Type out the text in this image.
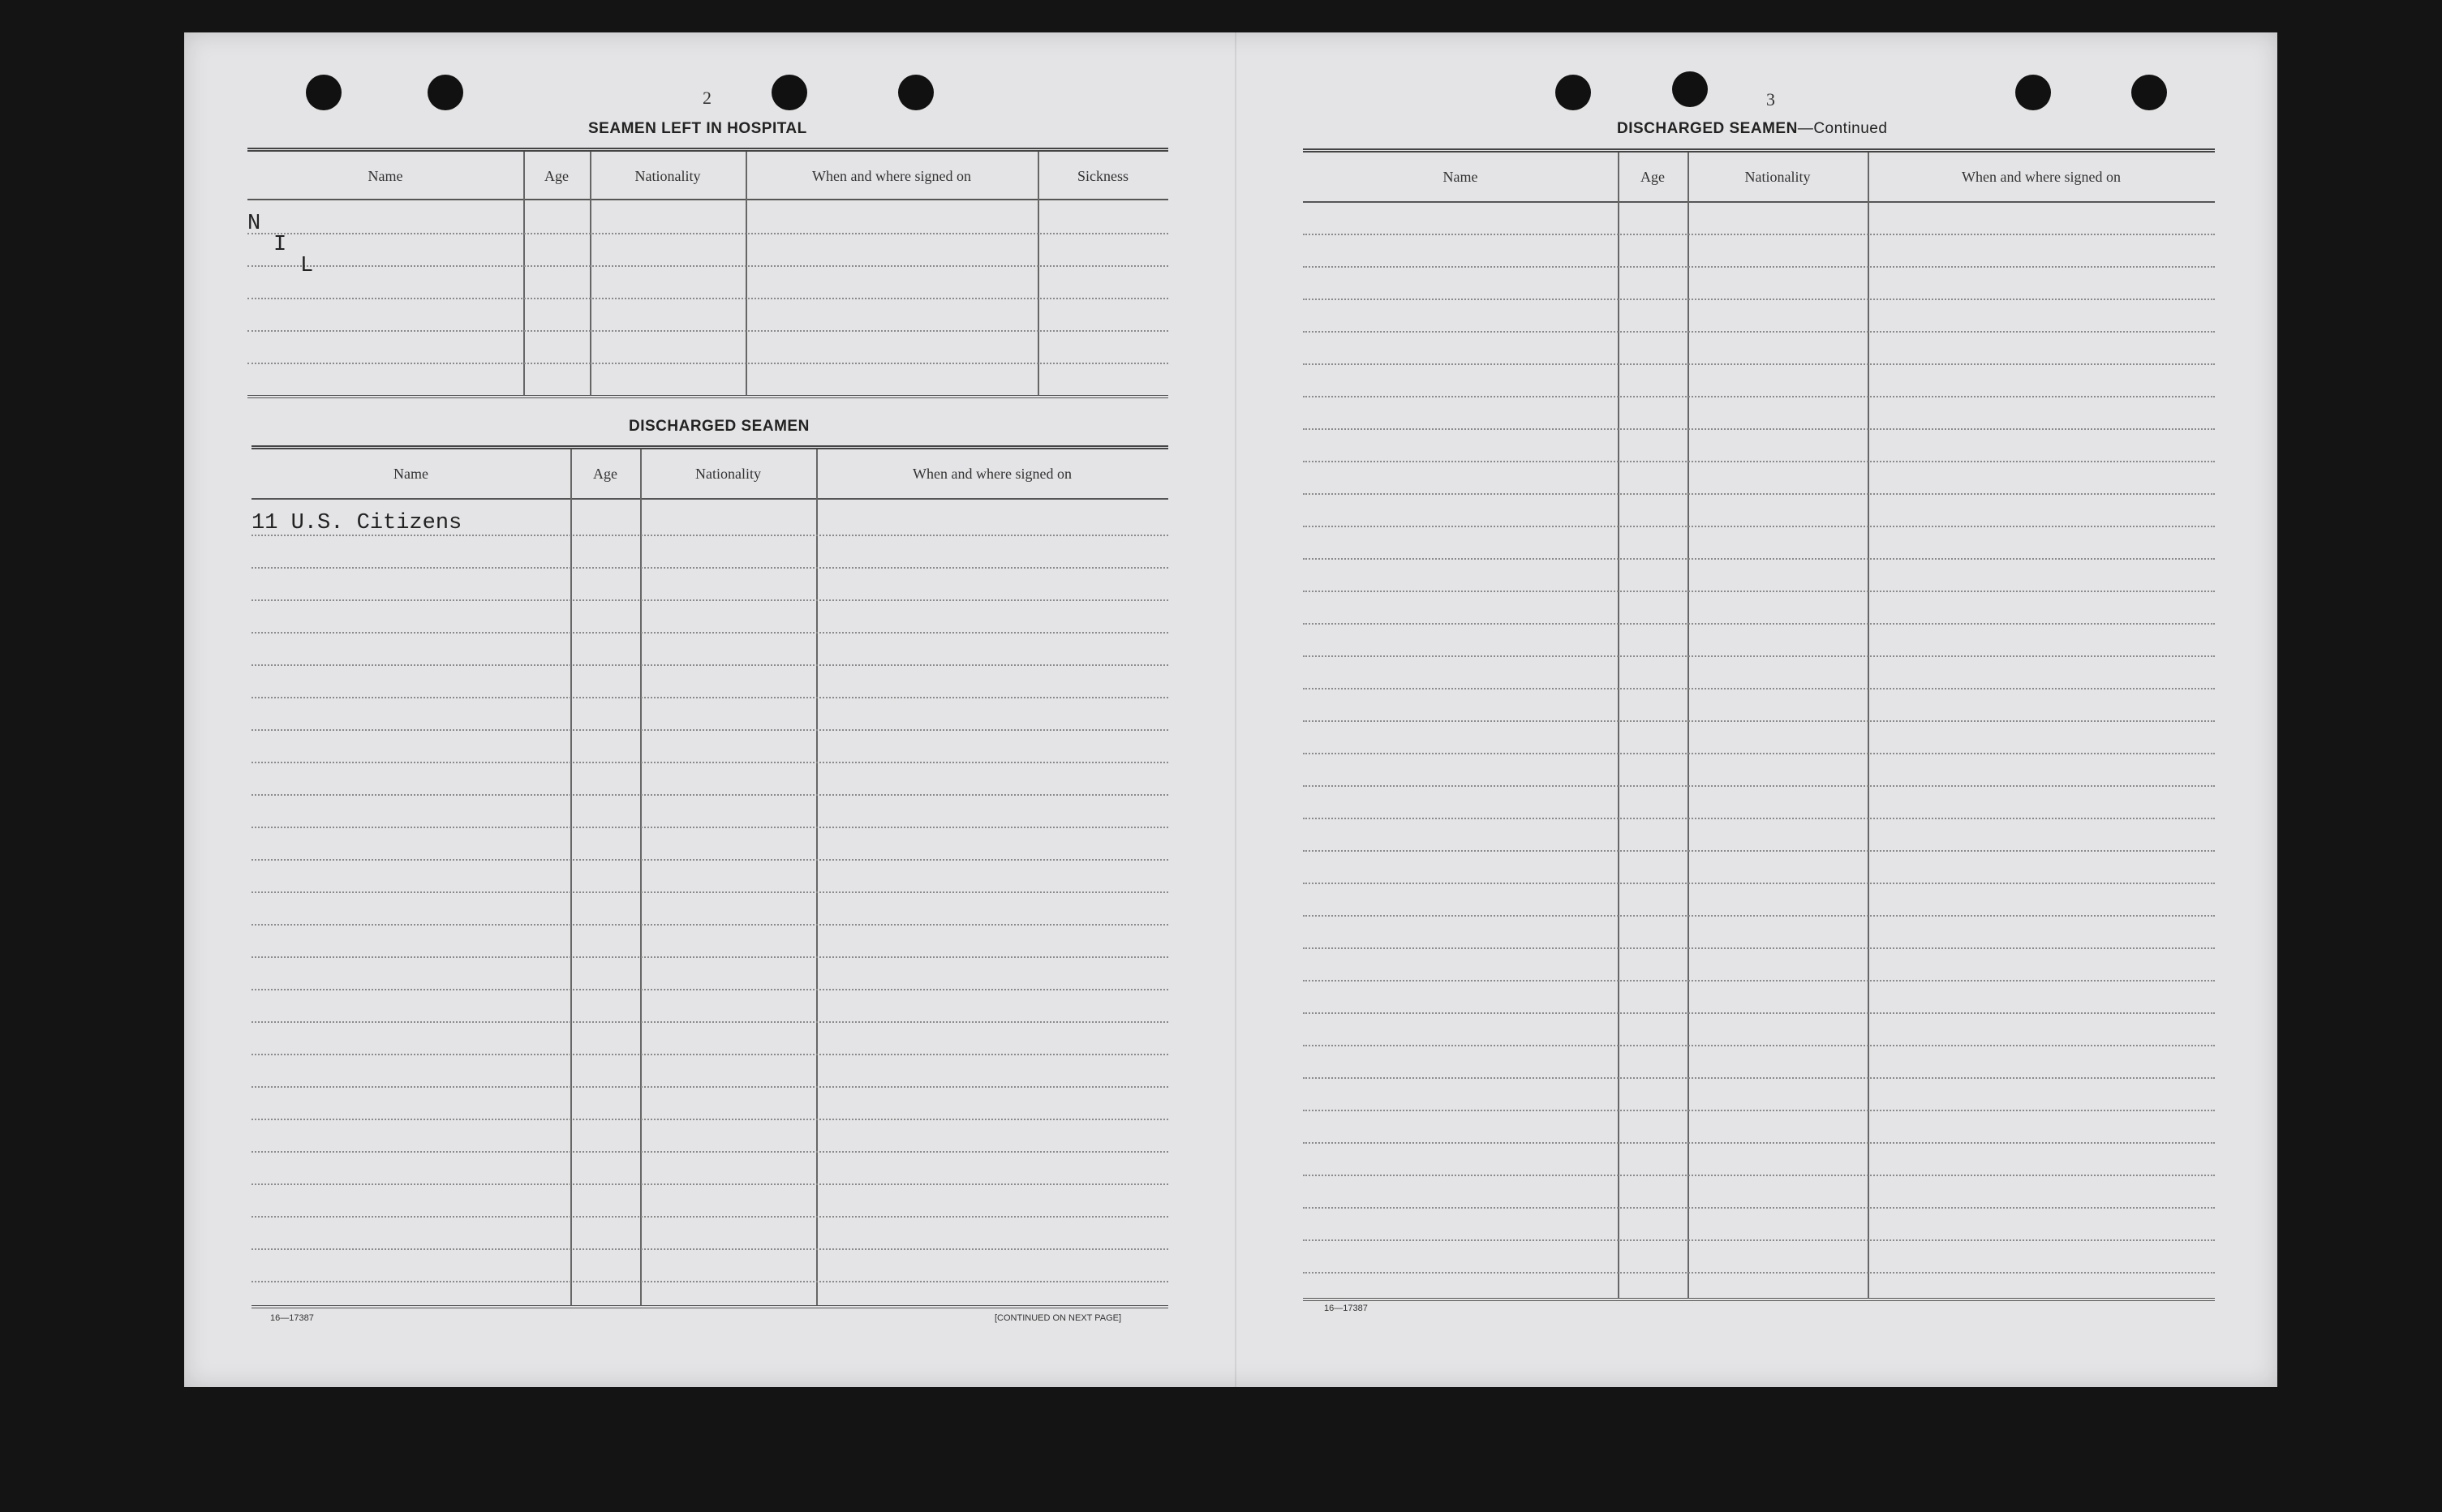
2
SEAMEN LEFT IN HOSPITAL
Name	Age	Nationality	When and where signed on	Sickness
N
I
L
DISCHARGED SEAMEN
Name	Age	Nationality	When and where signed on
11 U.S. Citizens
16—17387	[CONTINUED ON NEXT PAGE]
3
DISCHARGED SEAMEN—Continued
Name	Age	Nationality	When and where signed on
16—17387
